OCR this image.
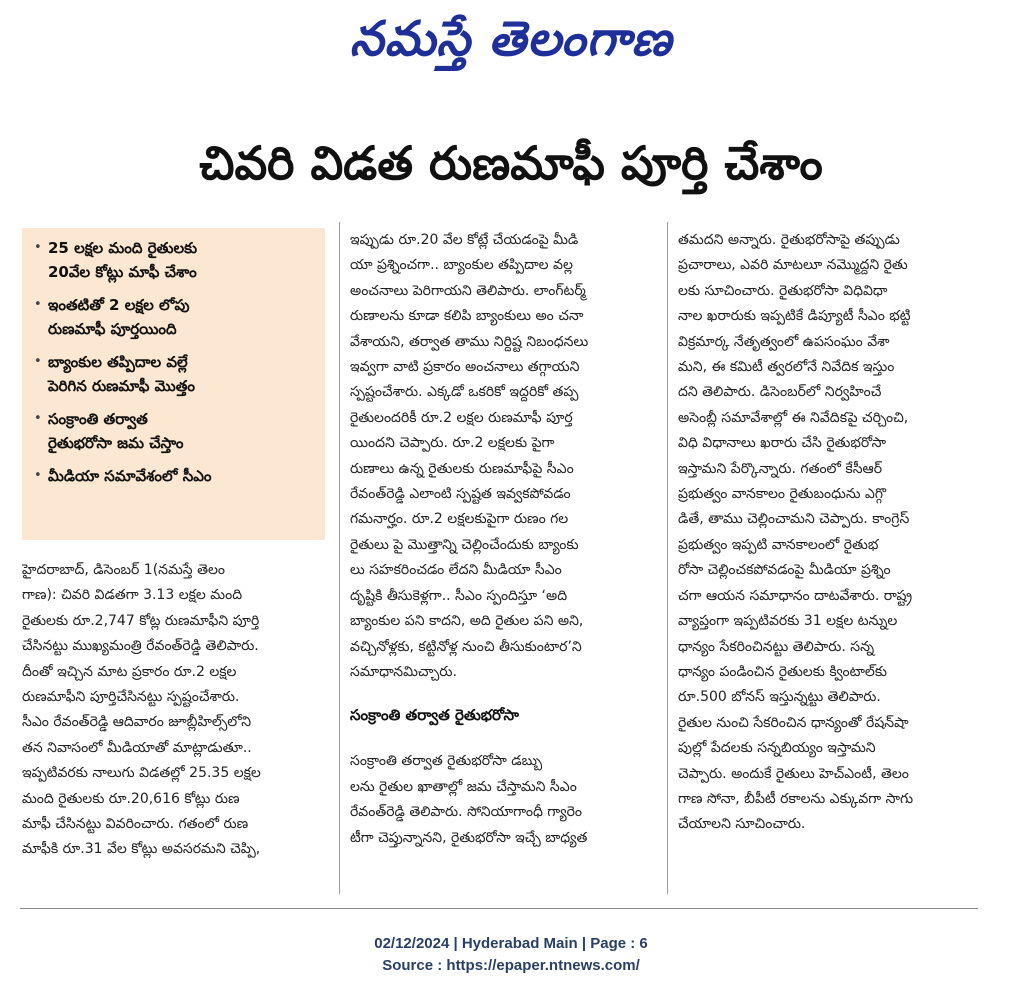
నమస్తే తెలంగాణ
చివరి విడత రుణమాఫీ పూర్తి చేశాం
• 25 లక్షల మంది రైతులకు
20వేల కోట్లు మాఫీ చేశాం
• ఇంతటితో 2 లక్షల లోపు
రుణమాఫీ పూర్తయింది
• బ్యాంకుల తప్పిదాల వల్లే
పెరిగిన రుణమాఫీ మొత్తం
• సంక్రాంతి తర్వాత
రైతుభరోసా జమ చేస్తాం
• మీడియా సమావేశంలో సీఎం
హైదరాబాద్, డిసెంబర్ 1(నమస్తే తెలం
గాణ): చివరి విడతగా 3.13 లక్షల మంది
రైతులకు రూ.2,747 కోట్ల రుణమాఫీని పూర్తి
చేసినట్టు ముఖ్యమంత్రి రేవంత్‌రెడ్డి తెలిపారు.
దీంతో ఇచ్చిన మాట ప్రకారం రూ.2 లక్షల
రుణమాఫీని పూర్తిచేసినట్టు స్పష్టంచేశారు.
సీఎం రేవంత్‌రెడ్డి ఆదివారం జూబ్లీహిల్స్‌లోని
తన నివాసంలో మీడియాతో మాట్లాడుతూ..
ఇప్పటివరకు నాలుగు విడతల్లో 25.35 లక్షల
మంది రైతులకు రూ.20,616 కోట్లు రుణ
మాఫీ చేసినట్టు వివరించారు. గతంలో రుణ
మాఫీకి రూ.31 వేల కోట్లు అవసరమని చెప్పి,
ఇప్పుడు రూ.20 వేల కోట్లే చేయడంపై మీడి
యా ప్రశ్నించగా.. బ్యాంకుల తప్పిదాల వల్ల
అంచనాలు పెరిగాయని తెలిపారు. లాంగ్‌టర్మ్
రుణాలను కూడా కలిపి బ్యాంకులు అం చనా
వేశాయని, తర్వాత తాము నిర్దిష్ట నిబంధనలు
ఇవ్వగా వాటి ప్రకారం అంచనాలు తగ్గాయని
స్పష్టంచేశారు. ఎక్కడో ఒకరికో ఇద్దరికో తప్ప
రైతులందరికీ రూ.2 లక్షల రుణమాఫీ పూర్త
యిందని చెప్పారు. రూ.2 లక్షలకు పైగా
రుణాలు ఉన్న రైతులకు రుణమాఫీపై సీఎం
రేవంత్‌రెడ్డి ఎలాంటి స్పష్టత ఇవ్వకపోవడం
గమనార్హం. రూ.2 లక్షలకుపైగా రుణం గల
రైతులు పై మొత్తాన్ని చెల్లించేందుకు బ్యాంకు
లు సహకరించడం లేదని మీడియా సీఎం
దృష్టికి తీసుకెళ్లగా.. సీఎం స్పందిస్తూ ‘అది
బ్యాంకుల పని కాదని, అది రైతుల పని అని,
వచ్చినోళ్లకు, కట్టినోళ్ల నుంచి తీసుకుంటార’ని
సమాధానమిచ్చారు.
సంక్రాంతి తర్వాత రైతుభరోసా
సంక్రాంతి తర్వాత రైతుభరోసా డబ్బు
లను రైతుల ఖాతాల్లో జమ చేస్తామని సీఎం
రేవంత్‌రెడ్డి తెలిపారు. సోనియాగాంధీ గ్యారెం
టీగా చెప్తున్నానని, రైతుభరోసా ఇచ్చే బాధ్యత
తమదని అన్నారు. రైతుభరోసాపై తప్పుడు
ప్రచారాలు, ఎవరి మాటలూ నమ్మొద్దని రైతు
లకు సూచించారు. రైతుభరోసా విధివిధా
నాల ఖరారుకు ఇప్పటికే డిప్యూటీ సీఎం భట్టి
విక్రమార్క నేతృత్వంలో ఉపసంఘం వేశా
మని, ఈ కమిటీ త్వరలోనే నివేదిక ఇస్తుం
దని తెలిపారు. డిసెంబర్‌లో నిర్వహించే
అసెంబ్లీ సమావేశాల్లో ఈ నివేదికపై చర్చించి,
విధి విధానాలు ఖరారు చేసి రైతుభరోసా
ఇస్తామని పేర్కొన్నారు. గతంలో కేసీఆర్
ప్రభుత్వం వానకాలం రైతుబంధును ఎగ్గొ
డితే, తాము చెల్లించామని చెప్పారు. కాంగ్రెస్
ప్రభుత్వం ఇప్పటి వానకాలంలో రైతుభ
రోసా చెల్లించకపోవడంపై మీడియా ప్రశ్నిం
చగా ఆయన సమాధానం దాటవేశారు. రాష్ట్ర
వ్యాప్తంగా ఇప్పటివరకు 31 లక్షల టన్నుల
ధాన్యం సేకరించినట్టు తెలిపారు. సన్న
ధాన్యం పండించిన రైతులకు క్వింటాల్‌కు
రూ.500 బోనస్ ఇస్తున్నట్టు తెలిపారు.
రైతుల నుంచి సేకరించిన ధాన్యంతో రేషన్‌షా
పుల్లో పేదలకు సన్నబియ్యం ఇస్తామని
చెప్పారు. అందుకే రైతులు హెచ్‌ఎంటీ, తెలం
గాణ సోనా, బీపీటీ రకాలను ఎక్కువగా సాగు
చేయాలని సూచించారు.
02/12/2024 | Hyderabad Main | Page : 6
Source : https://epaper.ntnews.com/
